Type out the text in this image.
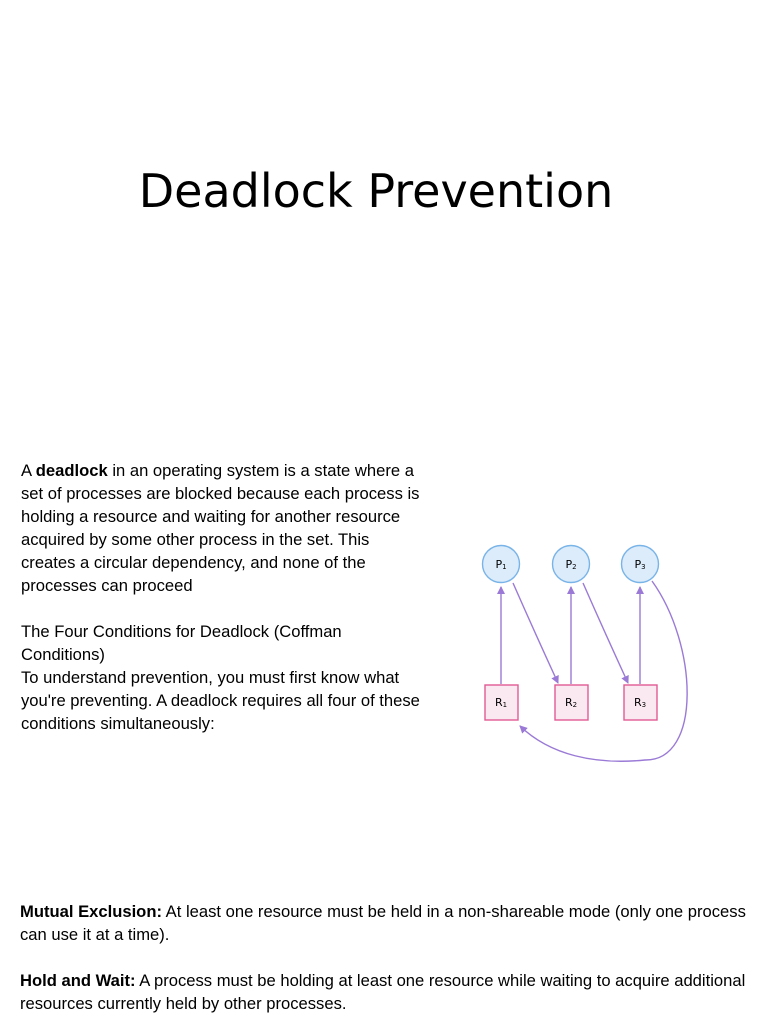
Deadlock Prevention

A deadlock in an operating system is a state where a set of processes are blocked because each process is holding a resource and waiting for another resource acquired by some other process in the set. This creates a circular dependency, and none of the processes can proceed

The Four Conditions for Deadlock (Coffman Conditions)

To understand prevention, you must first know what you're preventing. A deadlock requires all four of these conditions simultaneously:

P1	P2	P3
R1	R2	R3

Mutual Exclusion: At least one resource must be held in a non-shareable mode (only one process can use it at a time).

Hold and Wait: A process must be holding at least one resource while waiting to acquire additional resources currently held by other processes.
